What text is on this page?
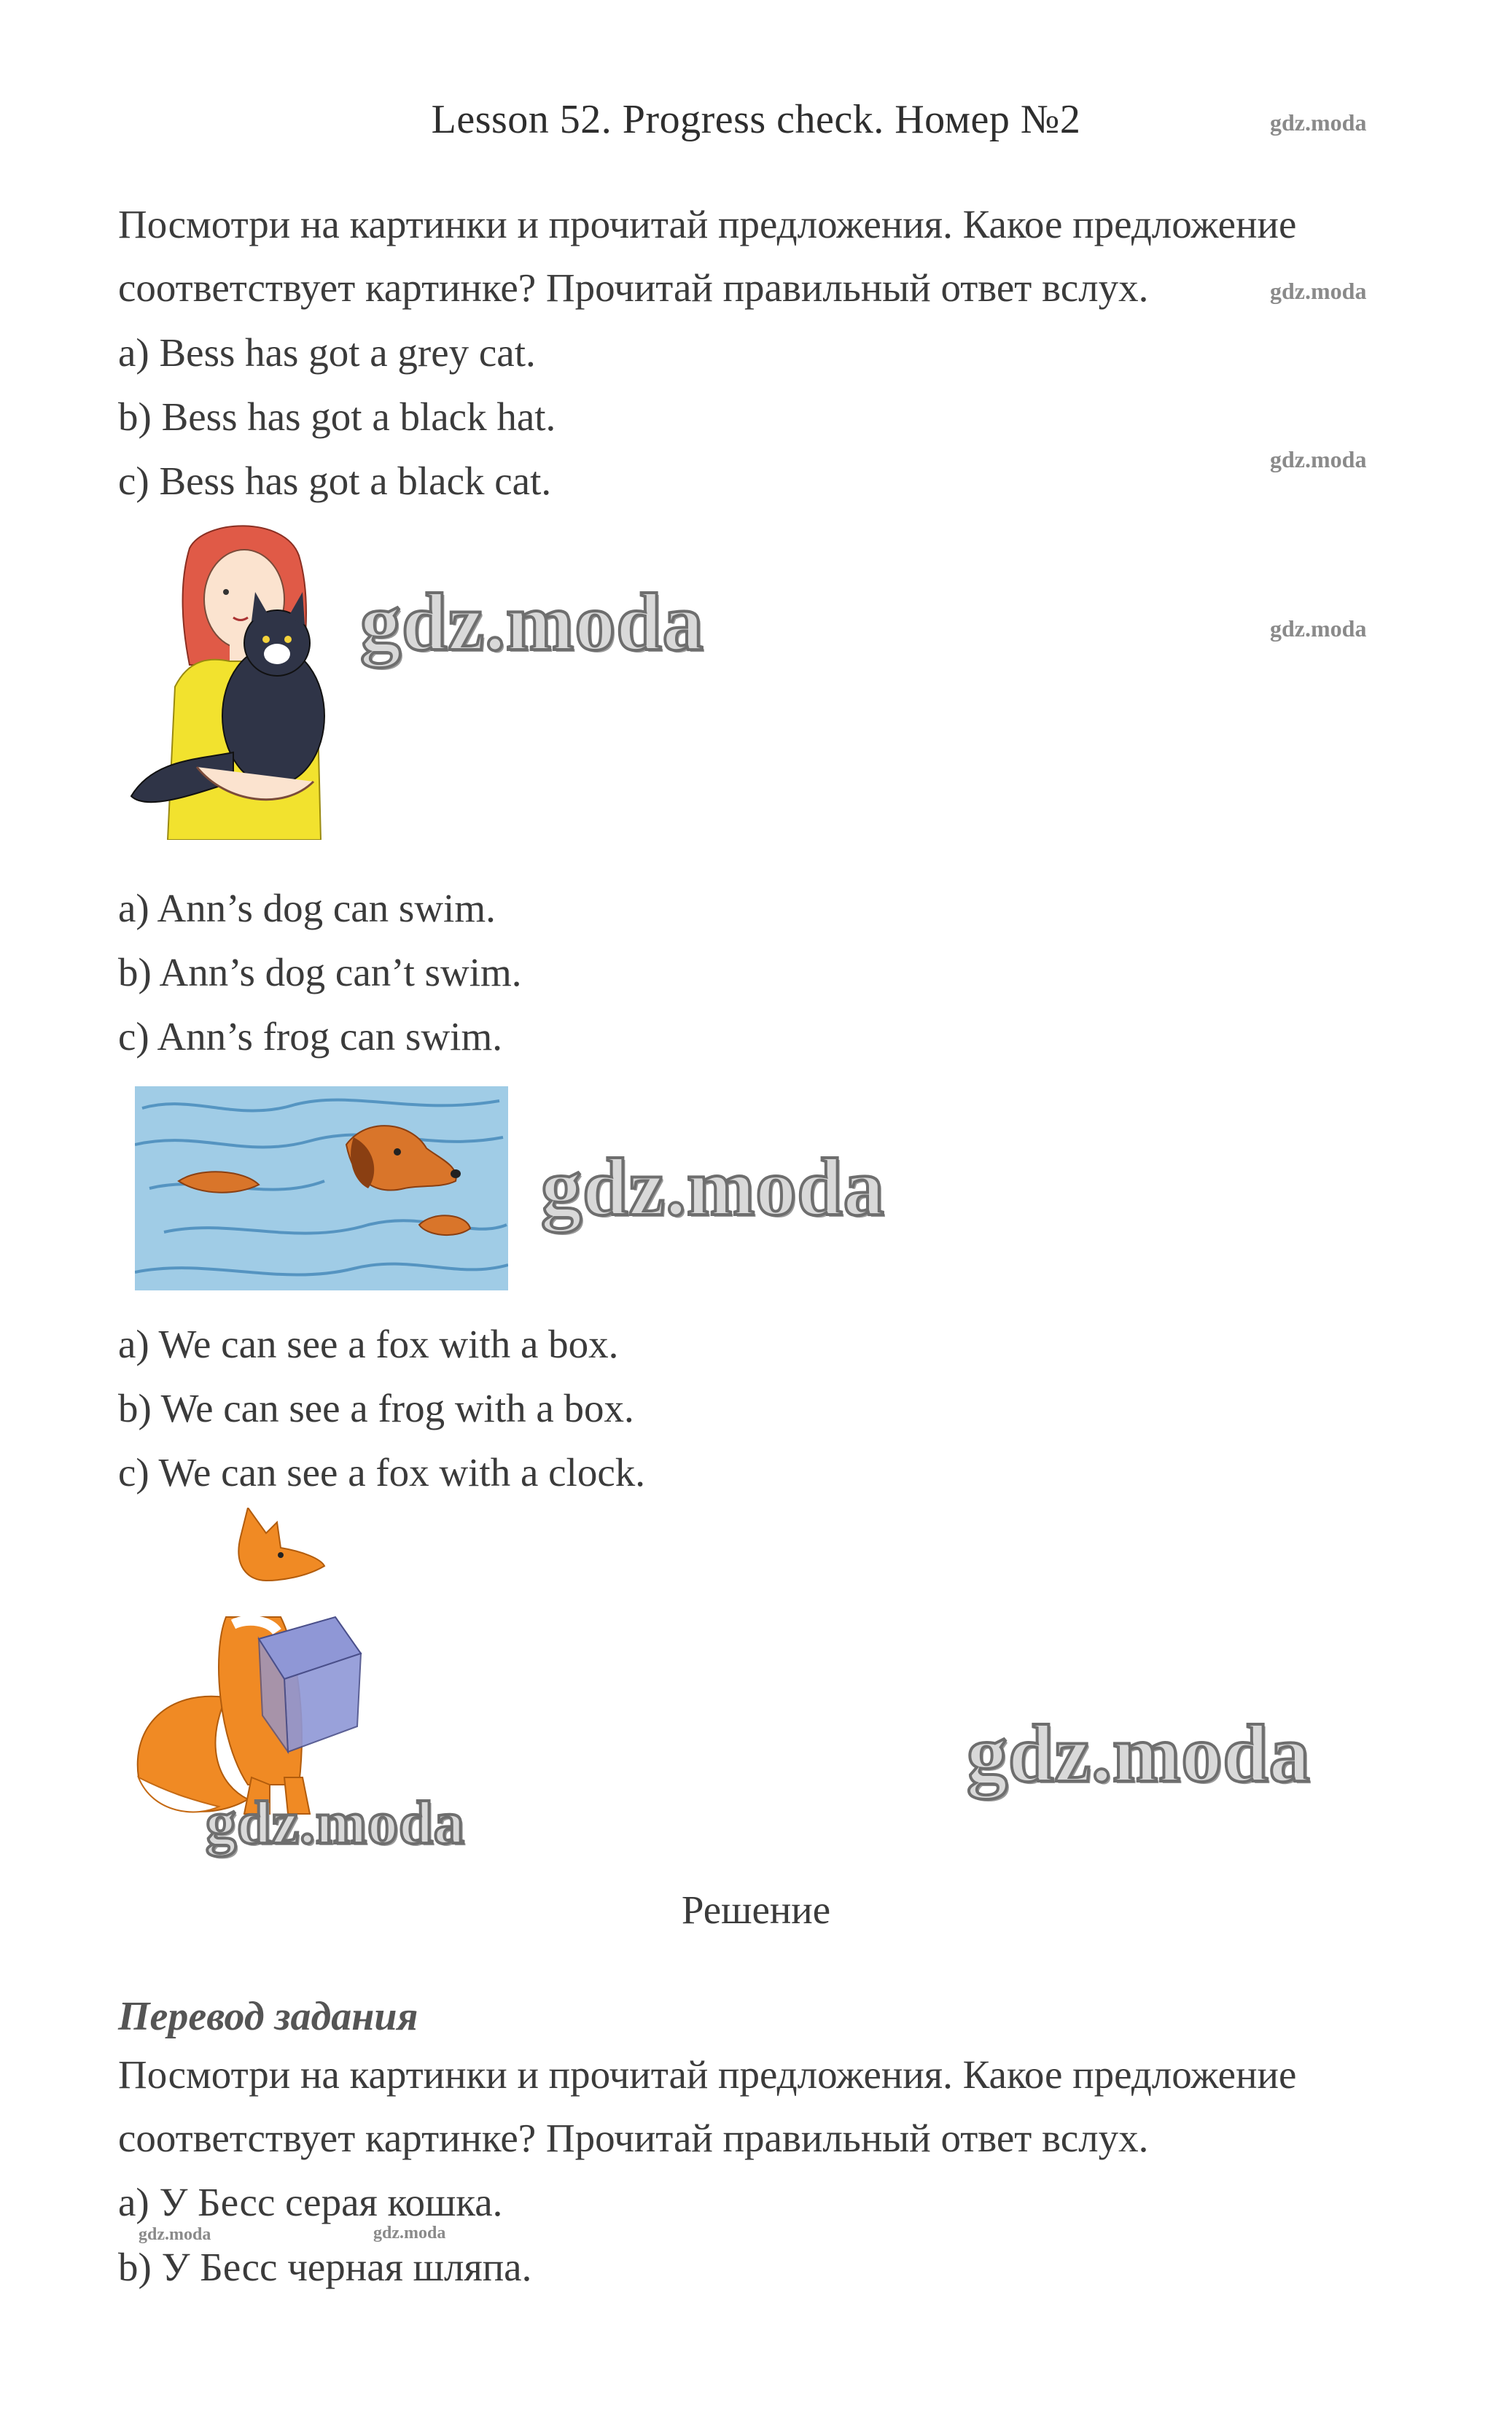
Lesson 52. Progress check. Номер №2	gdz.moda
Посмотри на картинки и прочитай предложения. Какое предложение
соответствует картинке? Прочитай правильный ответ вслух.	gdz.moda
a) Bess has got a grey cat.
b) Bess has got a black hat.
c) Bess has got a black cat.	gdz.moda
gdz.moda
gdz.moda
a) Ann’s dog can swim.
b) Ann’s dog can’t swim.
c) Ann’s frog can swim.
gdz.moda
a) We can see a fox with a box.
b) We can see a frog with a box.
c) We can see a fox with a clock.
gdz.moda
gdz.moda
Решение
Перевод задания
Посмотри на картинки и прочитай предложения. Какое предложение
соответствует картинке? Прочитай правильный ответ вслух.
a) У Бесс серая кошка.
gdz.moda	gdz.moda
b) У Бесс черная шляпа.
